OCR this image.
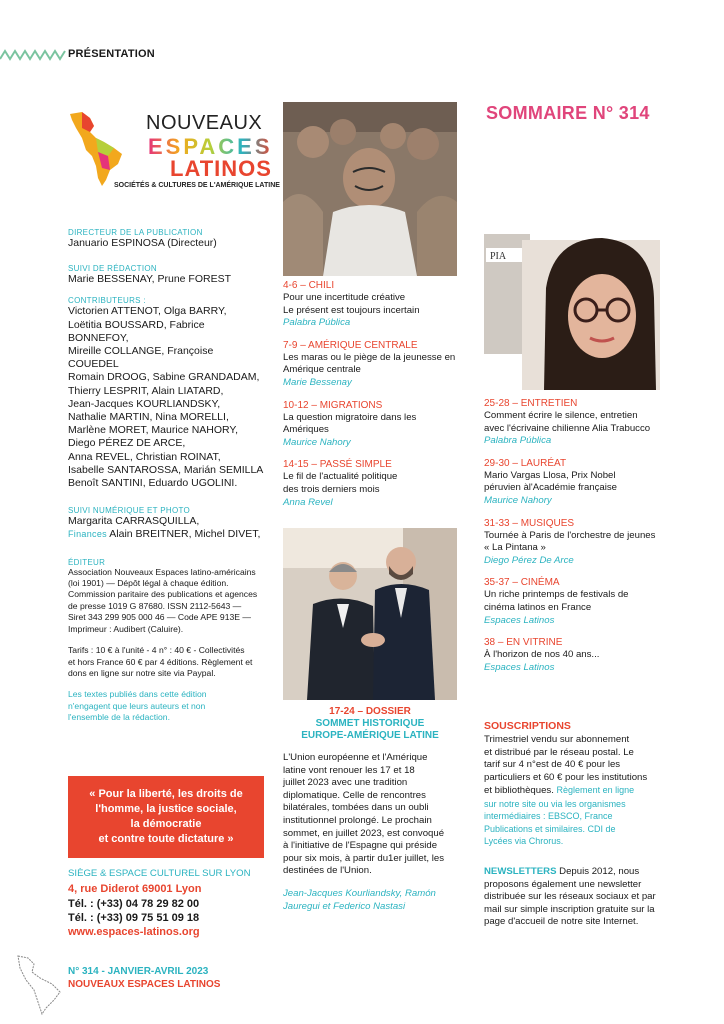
PRÉSENTATION
NOUVEAUX
ESPACES
LATINOS
SOCIÉTÉS & CULTURES DE L'AMÉRIQUE LATINE
DIRECTEUR DE LA PUBLICATION
Januario ESPINOSA (Directeur)
SUIVI DE RÉDACTION
Marie BESSENAY, Prune FOREST
CONTRIBUTEURS :
Victorien ATTENOT, Olga BARRY,
Loëtitia BOUSSARD, Fabrice BONNEFOY,
Mireille COLLANGE, Françoise COUEDEL
Romain DROOG, Sabine GRANDADAM,
Thierry LESPRIT, Alain LIATARD,
Jean-Jacques KOURLIANDSKY,
Nathalie MARTIN, Nina MORELLI,
Marlène MORET, Maurice NAHORY,
Diego PÉREZ DE ARCE,
Anna REVEL, Christian ROINAT,
Isabelle SANTAROSSA, Marián SEMILLA
Benoît SANTINI, Eduardo UGOLINI.
SUIVI NUMÉRIQUE ET PHOTO
Margarita CARRASQUILLA,
Finances Alain BREITNER, Michel DIVET,
ÉDITEUR
Association Nouveaux Espaces latino-américains
(loi 1901) — Dépôt légal à chaque édition.
Commission paritaire des publications et agences
de presse 1019 G 87680. ISSN 2112-5643 —
Siret 343 299 905 000 46 — Code APE 913E —
Imprimeur : Audibert (Caluire).
Tarifs : 10 € à l'unité - 4 n° : 40 € - Collectivités
et hors France 60 € par 4 éditions. Règlement et
dons en ligne sur notre site via Paypal.
Les textes publiés dans cette édition
n'engagent que leurs auteurs et non
l'ensemble de la rédaction.
« Pour la liberté, les droits de
l'homme, la justice sociale,
la démocratie
et contre toute dictature »
SIÈGE & ESPACE CULTUREL SUR LYON
4, rue Diderot 69001 Lyon
Tél. : (+33) 04 78 29 82 00
Tél. : (+33) 09 75 51 09 18
www.espaces-latinos.org
N° 314 - JANVIER-AVRIL 2023
NOUVEAUX ESPACES LATINOS
4-6 – CHILI
Pour une incertitude créative
Le présent est toujours incertain
Palabra Pública
7-9 – AMÉRIQUE CENTRALE
Les maras ou le piège de la jeunesse en
Amérique centrale
Marie Bessenay
10-12 – MIGRATIONS
La question migratoire dans les
Amériques
Maurice Nahory
14-15 – PASSÉ SIMPLE
Le fil de l'actualité politique
des trois derniers mois
Anna Revel
17-24 – DOSSIER
SOMMET HISTORIQUE
EUROPE-AMÉRIQUE LATINE
L'Union européenne et l'Amérique
latine vont renouer les 17 et 18
juillet 2023 avec une tradition
diplomatique. Celle de rencontres
bilatérales, tombées dans un oubli
institutionnel prolongé. Le prochain
sommet, en juillet 2023, est convoqué
à l'initiative de l'Espagne qui préside
pour six mois, à partir du1er juillet, les
destinées de l'Union.
Jean-Jacques Kourliandsky, Ramón
Jauregui et Federico Nastasi
SOMMAIRE N° 314
PIA
25-28 – ENTRETIEN
Comment écrire le silence, entretien
avec l'écrivaine chilienne Alia Trabucco
Palabra Pública
29-30 – LAURÉAT
Mario Vargas Llosa, Prix Nobel
péruvien àl'Académie française
Maurice Nahory
31-33 – MUSIQUES
Tournée à Paris de l'orchestre de jeunes
« La Pintana »
Diego Pérez De Arce
35-37 – CINÉMA
Un riche printemps de festivals de
cinéma latinos en France
Espaces Latinos
38 – EN VITRINE
À l'horizon de nos 40 ans...
Espaces Latinos
SOUSCRIPTIONS
Trimestriel vendu sur abonnement
et distribué par le réseau postal. Le
tarif sur 4 n°est de 40 € pour les
particuliers et 60 € pour les institutions
et bibliothèques. Règlement en ligne
sur notre site ou via les organismes
intermédiaires : EBSCO, France
Publications et similaires. CDI de
Lycées via Chrorus.
NEWSLETTERS Depuis 2012, nous
proposons également une newsletter
distribuée sur les réseaux sociaux et par
mail sur simple inscription gratuite sur la
page d'accueil de notre site Internet.
